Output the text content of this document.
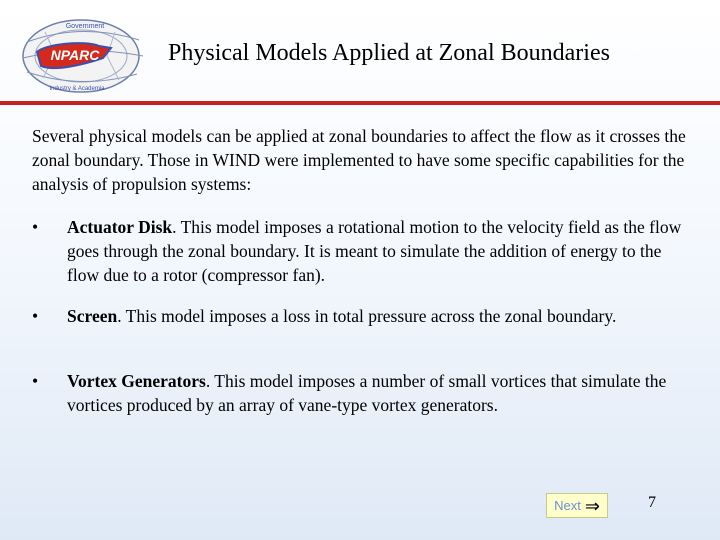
NPARC
Government
Industry & Academia
Physical Models Applied at Zonal Boundaries
Several physical models can be applied at zonal boundaries to affect the flow as it crosses the zonal boundary. Those in WIND were implemented to have some specific capabilities for the analysis of propulsion systems:
•	Actuator Disk. This model imposes a rotational motion to the velocity field as the flow goes through the zonal boundary. It is meant to simulate the addition of energy to the flow due to a rotor (compressor fan).
•	Screen. This model imposes a loss in total pressure across the zonal boundary.
•	Vortex Generators. This model imposes a number of small vortices that simulate the vortices produced by an array of vane-type vortex generators.
Next ⇒	7
